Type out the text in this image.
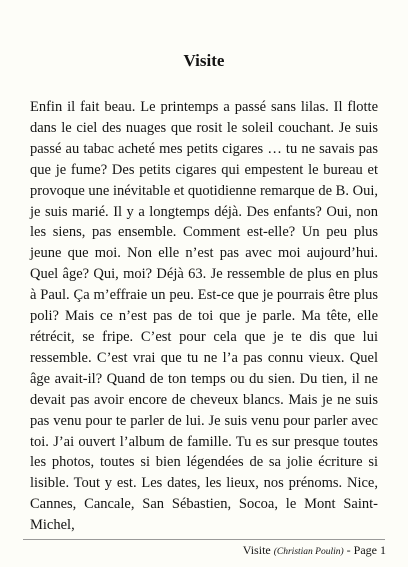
Visite

Enfin il fait beau. Le printemps a passé sans lilas. Il flotte dans le ciel des nuages que rosit le soleil couchant. Je suis passé au tabac acheté mes petits cigares … tu ne savais pas que je fume? Des petits cigares qui empestent le bureau et provoque une inévitable et quotidienne remarque de B. Oui, je suis marié. Il y a longtemps déjà. Des enfants? Oui, non les siens, pas ensemble. Comment est-elle? Un peu plus jeune que moi. Non elle n’est pas avec moi aujourd’hui. Quel âge? Qui, moi? Déjà 63. Je ressemble de plus en plus à Paul. Ça m’effraie un peu. Est-ce que je pourrais être plus poli? Mais ce n’est pas de toi que je parle. Ma tête, elle rétrécit, se fripe. C’est pour cela que je te dis que lui ressemble. C’est vrai que tu ne l’a pas connu vieux. Quel âge avait-il? Quand de ton temps ou du sien. Du tien, il ne devait pas avoir encore de cheveux blancs. Mais je ne suis pas venu pour te parler de lui. Je suis venu pour parler avec toi. J’ai ouvert l’album de famille. Tu es sur presque toutes les photos, toutes si bien légendées de sa jolie écriture si lisible. Tout y est. Les dates, les lieux, nos prénoms. Nice, Cannes, Cancale, San Sébastien, Socoa, le Mont Saint-Michel,

Visite (Christian Poulin) - Page 1
